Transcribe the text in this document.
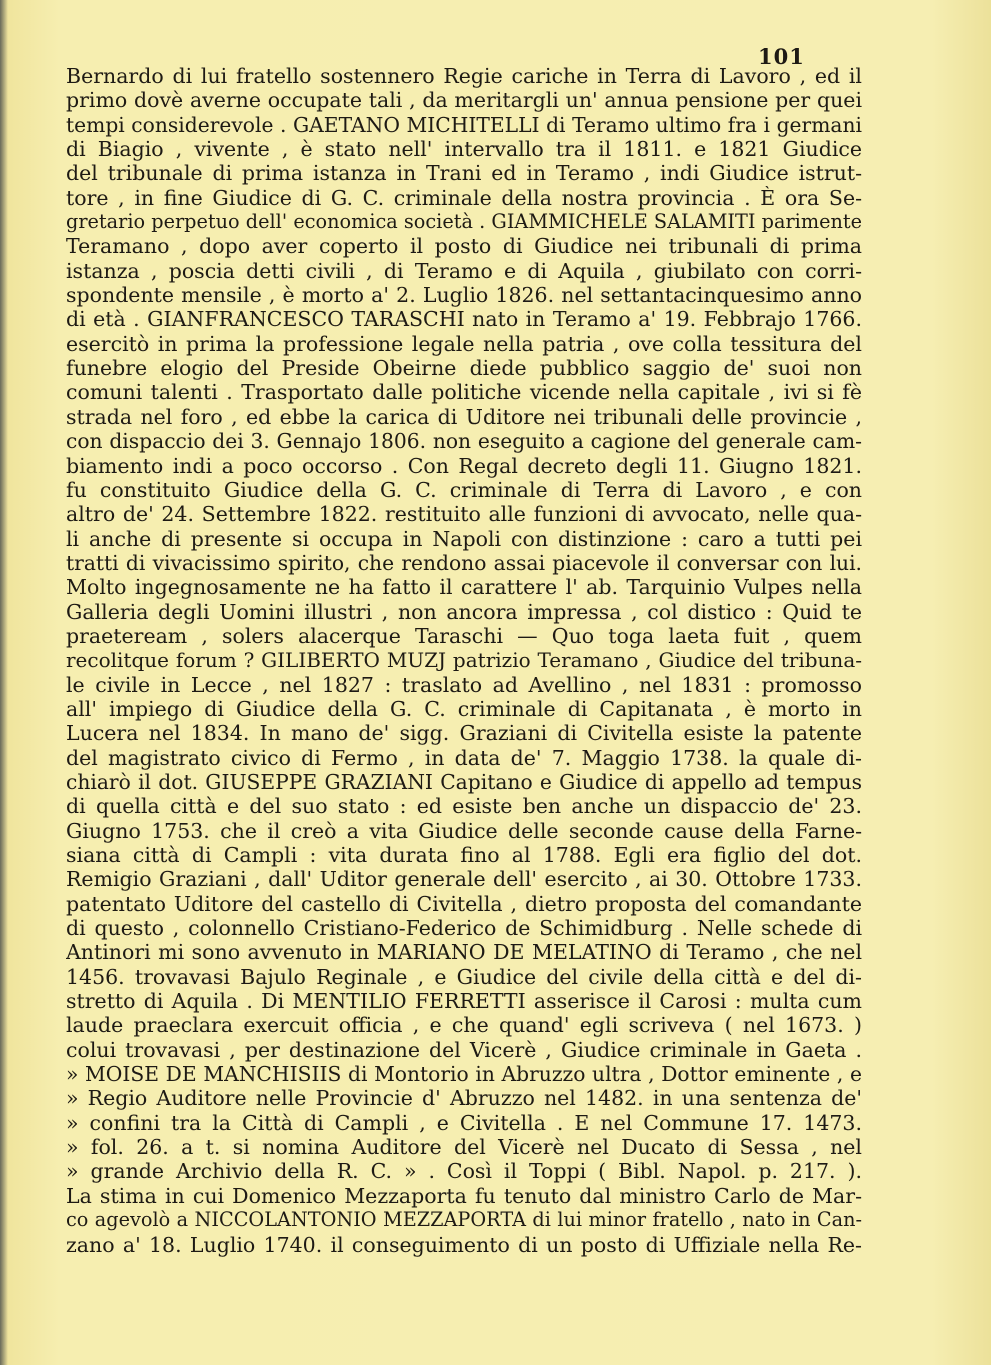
101
Bernardo di lui fratello sostennero Regie cariche in Terra di Lavoro , ed il
primo dovè averne occupate tali , da meritargli un' annua pensione per quei
tempi considerevole . GAETANO MICHITELLI di Teramo ultimo fra i germani
di Biagio , vivente , è stato nell' intervallo tra il 1811. e 1821 Giudice
del tribunale di prima istanza in Trani ed in Teramo , indi Giudice istrut-
tore , in fine Giudice di G. C. criminale della nostra provincia . È ora Se-
gretario perpetuo dell' economica società . GIAMMICHELE SALAMITI parimente
Teramano , dopo aver coperto il posto di Giudice nei tribunali di prima
istanza , poscia detti civili , di Teramo e di Aquila , giubilato con corri-
spondente mensile , è morto a' 2. Luglio 1826. nel settantacinquesimo anno
di età . GIANFRANCESCO TARASCHI nato in Teramo a' 19. Febbrajo 1766.
esercitò in prima la professione legale nella patria , ove colla tessitura del
funebre elogio del Preside Obeirne diede pubblico saggio de' suoi non
comuni talenti . Trasportato dalle politiche vicende nella capitale , ivi si fè
strada nel foro , ed ebbe la carica di Uditore nei tribunali delle provincie ,
con dispaccio dei 3. Gennajo 1806. non eseguito a cagione del generale cam-
biamento indi a poco occorso . Con Regal decreto degli 11. Giugno 1821.
fu constituito Giudice della G. C. criminale di Terra di Lavoro , e con
altro de' 24. Settembre 1822. restituito alle funzioni di avvocato, nelle qua-
li anche di presente si occupa in Napoli con distinzione : caro a tutti pei
tratti di vivacissimo spirito, che rendono assai piacevole il conversar con lui.
Molto ingegnosamente ne ha fatto il carattere l' ab. Tarquinio Vulpes nella
Galleria degli Uomini illustri , non ancora impressa , col distico : Quid te
praeteream , solers alacerque Taraschi — Quo toga laeta fuit , quem
recolitque forum ? GILIBERTO MUZJ patrizio Teramano , Giudice del tribuna-
le civile in Lecce , nel 1827 : traslato ad Avellino , nel 1831 : promosso
all' impiego di Giudice della G. C. criminale di Capitanata , è morto in
Lucera nel 1834. In mano de' sigg. Graziani di Civitella esiste la patente
del magistrato civico di Fermo , in data de' 7. Maggio 1738. la quale di-
chiarò il dot. GIUSEPPE GRAZIANI Capitano e Giudice di appello ad tempus
di quella città e del suo stato : ed esiste ben anche un dispaccio de' 23.
Giugno 1753. che il creò a vita Giudice delle seconde cause della Farne-
siana città di Campli : vita durata fino al 1788. Egli era figlio del dot.
Remigio Graziani , dall' Uditor generale dell' esercito , ai 30. Ottobre 1733.
patentato Uditore del castello di Civitella , dietro proposta del comandante
di questo , colonnello Cristiano-Federico de Schimidburg . Nelle schede di
Antinori mi sono avvenuto in MARIANO DE MELATINO di Teramo , che nel
1456. trovavasi Bajulo Reginale , e Giudice del civile della città e del di-
stretto di Aquila . Di MENTILIO FERRETTI asserisce il Carosi : multa cum
laude praeclara exercuit officia , e che quand' egli scriveva ( nel 1673. )
colui trovavasi , per destinazione del Vicerè , Giudice criminale in Gaeta .
» MOISE DE MANCHISIIS di Montorio in Abruzzo ultra , Dottor eminente , e
» Regio Auditore nelle Provincie d' Abruzzo nel 1482. in una sentenza de'
» confini tra la Città di Campli , e Civitella . E nel Commune 17. 1473.
» fol. 26. a t. si nomina Auditore del Vicerè nel Ducato di Sessa , nel
» grande Archivio della R. C. » . Così il Toppi ( Bibl. Napol. p. 217. ).
La stima in cui Domenico Mezzaporta fu tenuto dal ministro Carlo de Mar-
co agevolò a NICCOLANTONIO MEZZAPORTA di lui minor fratello , nato in Can-
zano a' 18. Luglio 1740. il conseguimento di un posto di Uffiziale nella Re-
